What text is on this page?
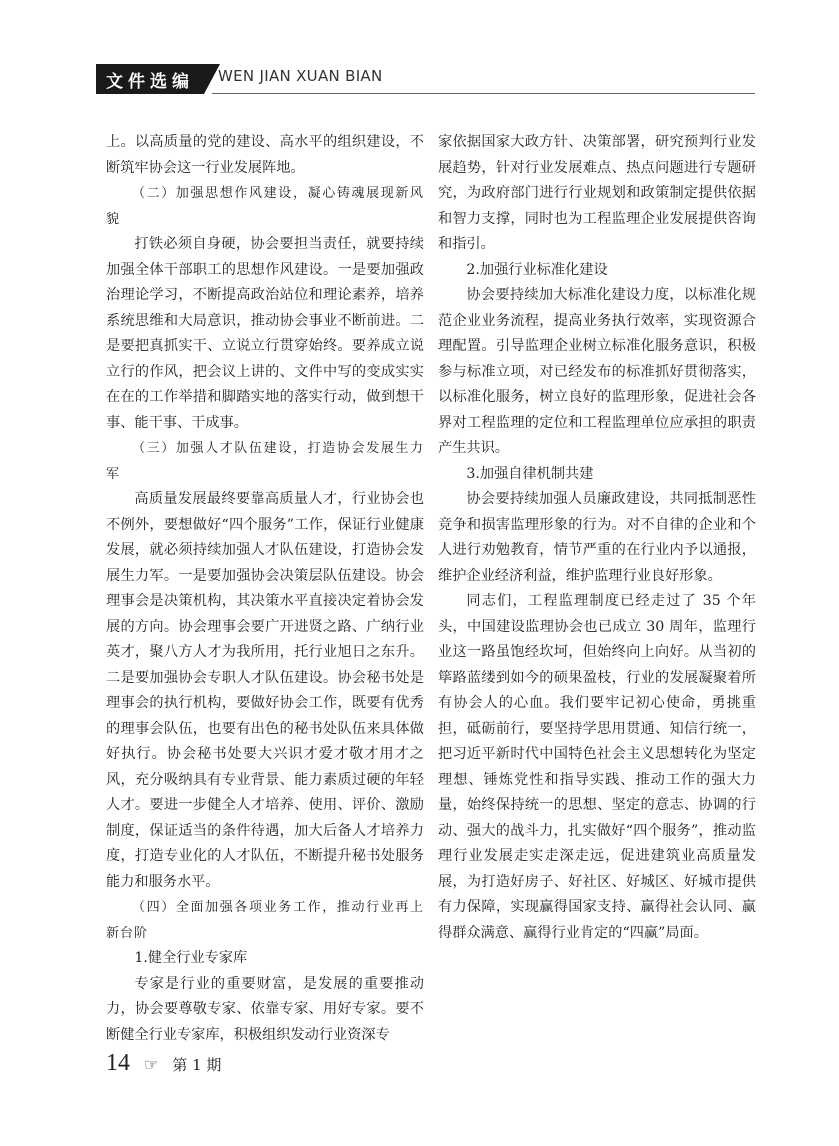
文件选编	WEN JIAN XUAN BIAN

上。以高质量的党的建设、高水平的组织建设，不断筑牢协会这一行业发展阵地。

（二）加强思想作风建设，凝心铸魂展现新风貌

打铁必须自身硬，协会要担当责任，就要持续加强全体干部职工的思想作风建设。一是要加强政治理论学习，不断提高政治站位和理论素养，培养系统思维和大局意识，推动协会事业不断前进。二是要把真抓实干、立说立行贯穿始终。要养成立说立行的作风，把会议上讲的、文件中写的变成实实在在的工作举措和脚踏实地的落实行动，做到想干事、能干事、干成事。

（三）加强人才队伍建设，打造协会发展生力军

高质量发展最终要靠高质量人才，行业协会也不例外，要想做好“四个服务”工作，保证行业健康发展，就必须持续加强人才队伍建设，打造协会发展生力军。一是要加强协会决策层队伍建设。协会理事会是决策机构，其决策水平直接决定着协会发展的方向。协会理事会要广开进贤之路、广纳行业英才，聚八方人才为我所用，托行业旭日之东升。二是要加强协会专职人才队伍建设。协会秘书处是理事会的执行机构，要做好协会工作，既要有优秀的理事会队伍，也要有出色的秘书处队伍来具体做好执行。协会秘书处要大兴识才爱才敬才用才之风，充分吸纳具有专业背景、能力素质过硬的年轻人才。要进一步健全人才培养、使用、评价、激励制度，保证适当的条件待遇，加大后备人才培养力度，打造专业化的人才队伍，不断提升秘书处服务能力和服务水平。

（四）全面加强各项业务工作，推动行业再上新台阶

1.健全行业专家库

专家是行业的重要财富，是发展的重要推动力，协会要尊敬专家、依靠专家、用好专家。要不断健全行业专家库，积极组织发动行业资深专

家依据国家大政方针、决策部署，研究预判行业发展趋势，针对行业发展难点、热点问题进行专题研究，为政府部门进行行业规划和政策制定提供依据和智力支撑，同时也为工程监理企业发展提供咨询和指引。

2.加强行业标准化建设

协会要持续加大标准化建设力度，以标准化规范企业业务流程，提高业务执行效率，实现资源合理配置。引导监理企业树立标准化服务意识，积极参与标准立项，对已经发布的标准抓好贯彻落实，以标准化服务，树立良好的监理形象，促进社会各界对工程监理的定位和工程监理单位应承担的职责产生共识。

3.加强自律机制共建

协会要持续加强人员廉政建设，共同抵制恶性竞争和损害监理形象的行为。对不自律的企业和个人进行劝勉教育，情节严重的在行业内予以通报，维护企业经济利益，维护监理行业良好形象。

同志们，工程监理制度已经走过了 35 个年头，中国建设监理协会也已成立 30 周年，监理行业这一路虽饱经坎坷，但始终向上向好。从当初的筚路蓝缕到如今的硕果盈枝，行业的发展凝聚着所有协会人的心血。我们要牢记初心使命，勇挑重担，砥砺前行，要坚持学思用贯通、知信行统一，把习近平新时代中国特色社会主义思想转化为坚定理想、锤炼党性和指导实践、推动工作的强大力量，始终保持统一的思想、坚定的意志、协调的行动、强大的战斗力，扎实做好“四个服务”，推动监理行业发展走实走深走远，促进建筑业高质量发展，为打造好房子、好社区、好城区、好城市提供有力保障，实现赢得国家支持、赢得社会认同、赢得群众满意、赢得行业肯定的“四赢”局面。

14 ☞ 第 1 期
